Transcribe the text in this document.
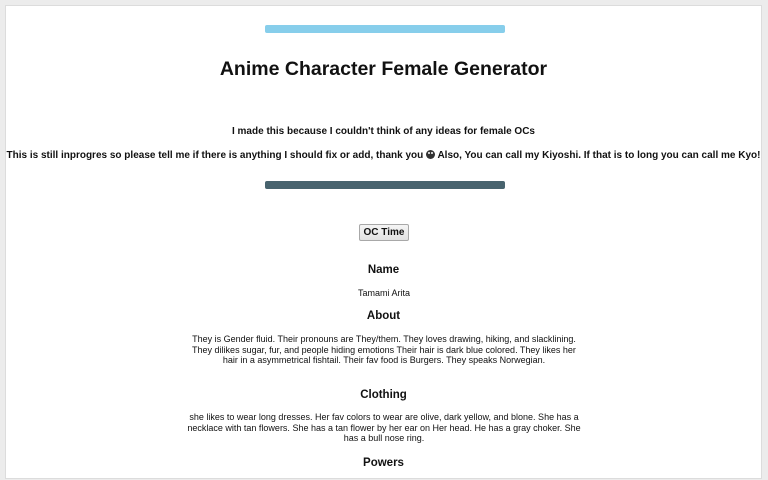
Anime Character Female Generator

I made this because I couldn't think of any ideas for female OCs

This is still inprogres so please tell me if there is anything I should fix or add, thank you  Also, You can call my Kiyoshi. If that is to long you can call me Kyo!

OC Time
Name

Tamami Arita

About

They is Gender fluid. Their pronouns are They/them. They loves drawing, hiking, and slacklining. They dilikes sugar, fur, and people hiding emotions Their hair is dark blue colored. They likes her hair in a asymmetrical fishtail. Their fav food is Burgers. They speaks Norwegian.

Clothing

she likes to wear long dresses. Her fav colors to wear are olive, dark yellow, and blone. She has a necklace with tan flowers. She has a tan flower by her ear on Her head. He has a gray choker. She has a bull nose ring.

Powers
